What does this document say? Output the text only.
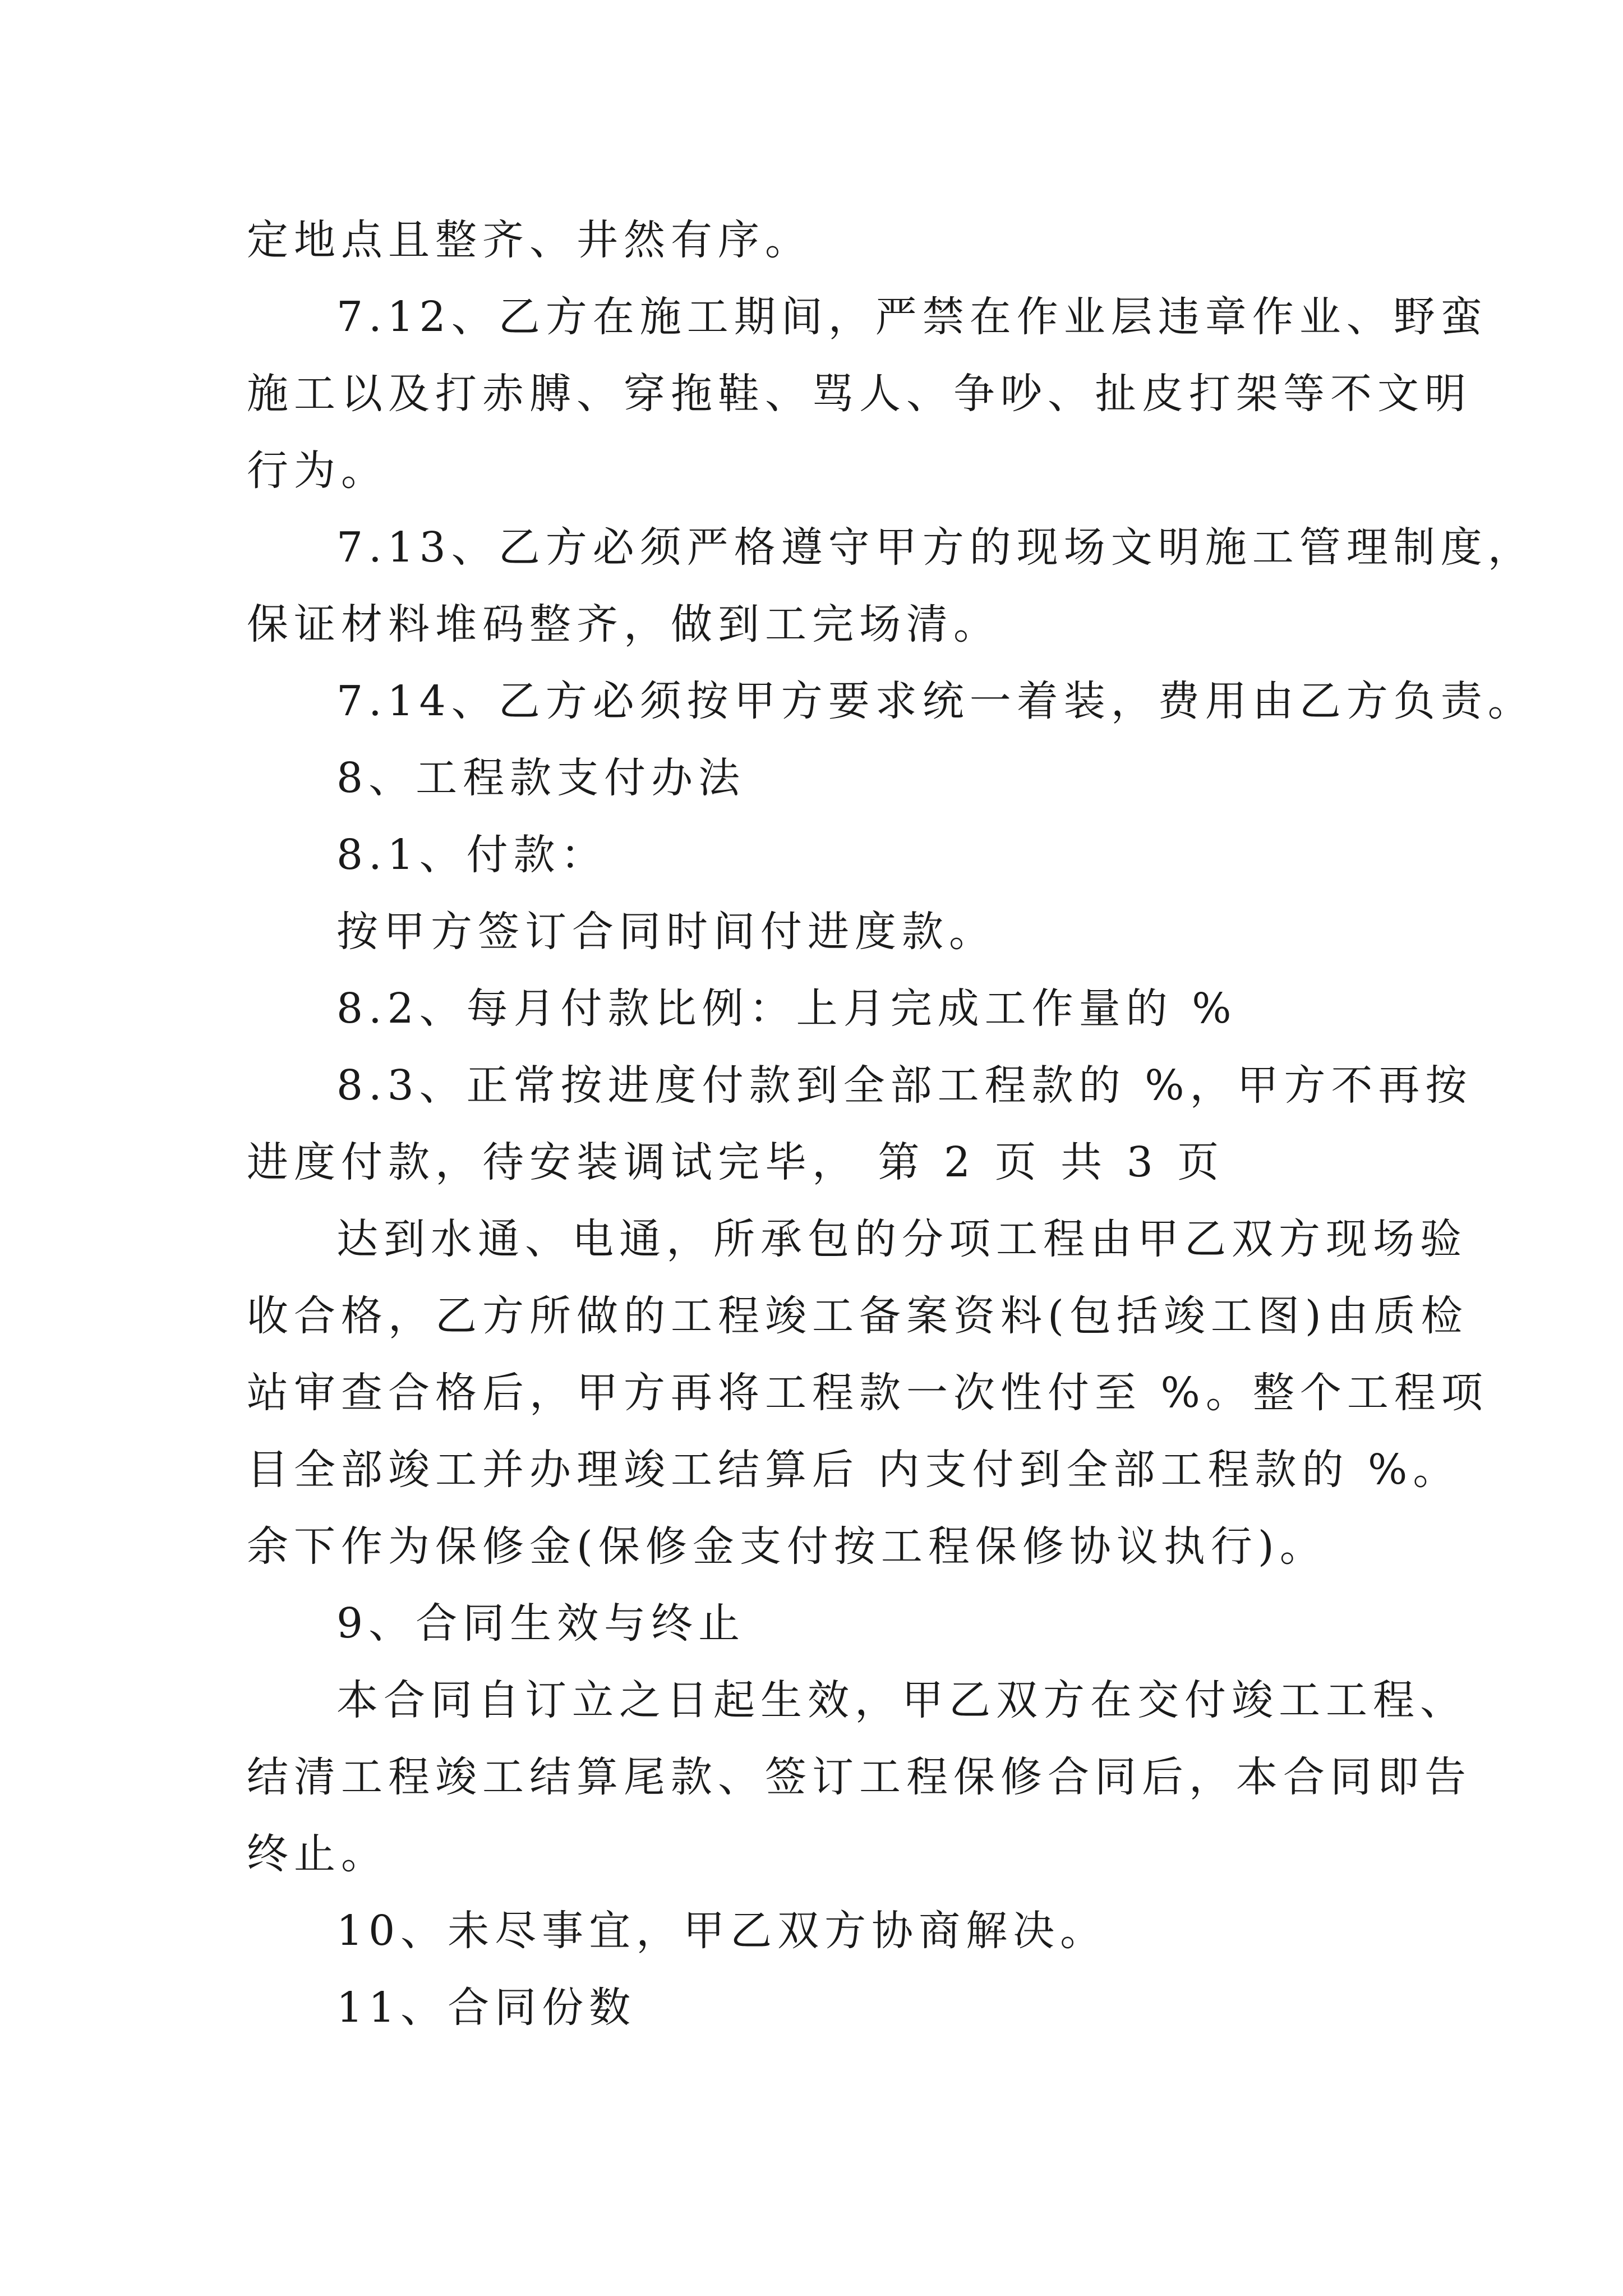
定地点且整齐、井然有序。

7.12、乙方在施工期间，严禁在作业层违章作业、野蛮

施工以及打赤膊、穿拖鞋、骂人、争吵、扯皮打架等不文明

行为。

7.13、乙方必须严格遵守甲方的现场文明施工管理制度，

保证材料堆码整齐，做到工完场清。

7.14、乙方必须按甲方要求统一着装，费用由乙方负责。

8、工程款支付办法

8.1、付款：

按甲方签订合同时间付进度款。

8.2、每月付款比例：上月完成工作量的 %

8.3、正常按进度付款到全部工程款的 %，甲方不再按

进度付款，待安装调试完毕， 第 2 页 共 3 页

达到水通、电通，所承包的分项工程由甲乙双方现场验

收合格，乙方所做的工程竣工备案资料(包括竣工图)由质检

站审查合格后，甲方再将工程款一次性付至 %。整个工程项

目全部竣工并办理竣工结算后 内支付到全部工程款的 %。

余下作为保修金(保修金支付按工程保修协议执行)。

9、合同生效与终止

本合同自订立之日起生效，甲乙双方在交付竣工工程、

结清工程竣工结算尾款、签订工程保修合同后，本合同即告

终止。

10、未尽事宜，甲乙双方协商解决。

11、合同份数
